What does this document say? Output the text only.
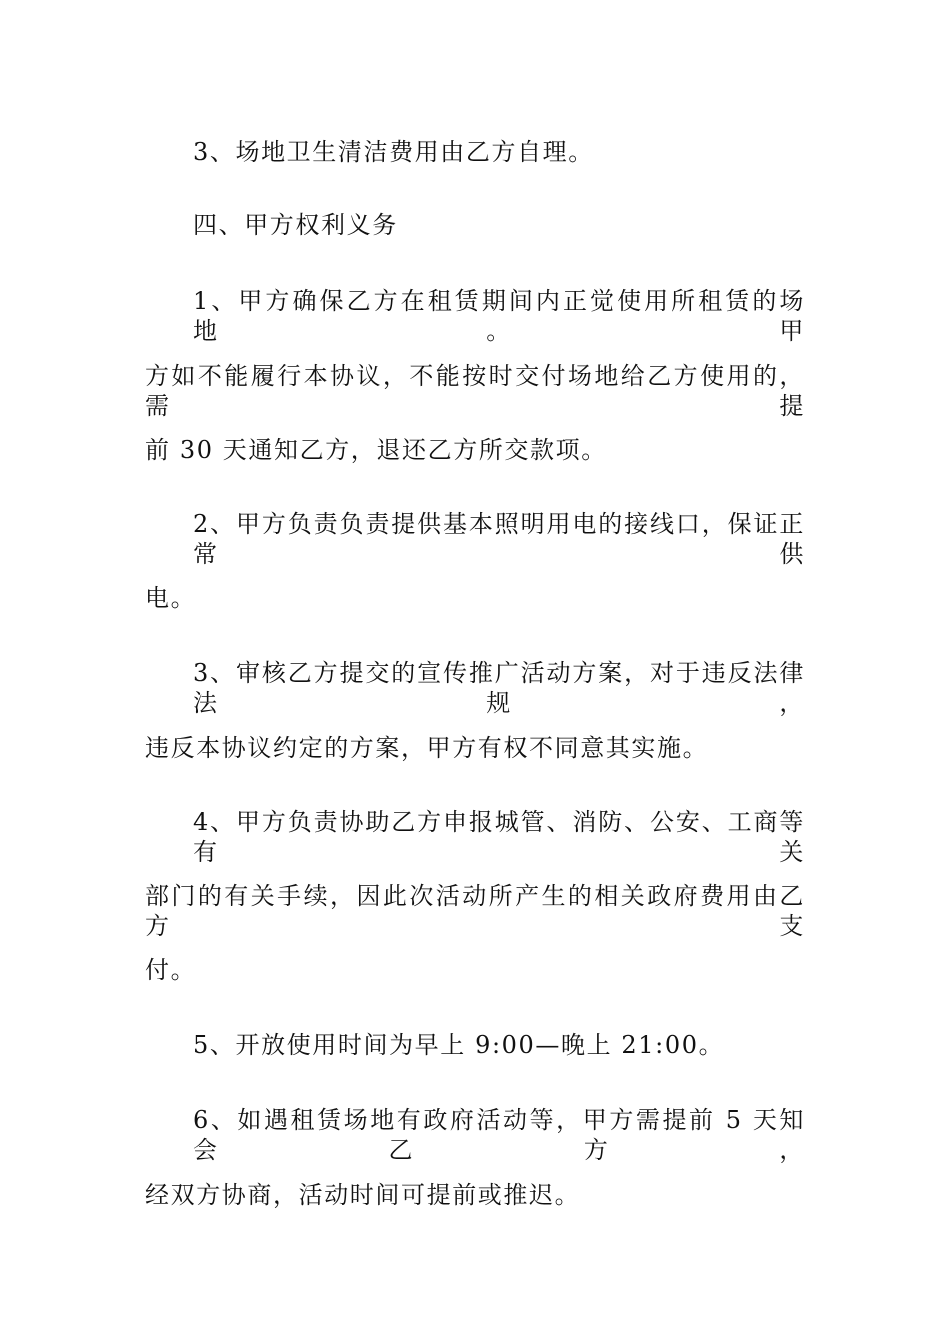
3、场地卫生清洁费用由乙方自理。
四、甲方权利义务
1、甲方确保乙方在租赁期间内正觉使用所租赁的场地。甲
方如不能履行本协议，不能按时交付场地给乙方使用的，需提
前 30 天通知乙方，退还乙方所交款项。
2、甲方负责负责提供基本照明用电的接线口，保证正常供
电。
3、审核乙方提交的宣传推广活动方案，对于违反法律法规，
违反本协议约定的方案，甲方有权不同意其实施。
4、甲方负责协助乙方申报城管、消防、公安、工商等有关
部门的有关手续，因此次活动所产生的相关政府费用由乙方支
付。
5、开放使用时间为早上 9:00—晚上 21:00。
6、如遇租赁场地有政府活动等，甲方需提前 5 天知会乙方，
经双方协商，活动时间可提前或推迟。
